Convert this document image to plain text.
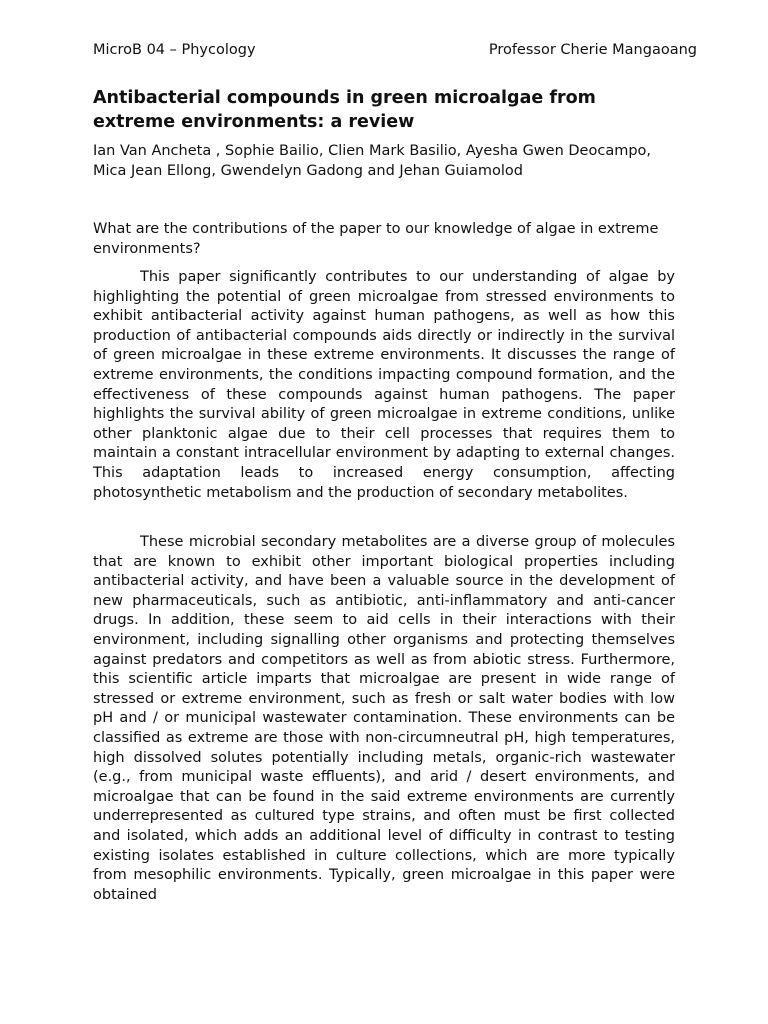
MicroB 04 – Phycology	Professor Cherie Mangaoang
Antibacterial compounds in green microalgae from extreme environments: a review

Ian Van Ancheta , Sophie Bailio, Clien Mark Basilio, Ayesha Gwen Deocampo, Mica Jean Ellong, Gwendelyn Gadong and Jehan Guiamolod

What are the contributions of the paper to our knowledge of algae in extreme environments?

This paper significantly contributes to our understanding of algae by highlighting the potential of green microalgae from stressed environments to exhibit antibacterial activity against human pathogens, as well as how this production of antibacterial compounds aids directly or indirectly in the survival of green microalgae in these extreme environments. It discusses the range of extreme environments, the conditions impacting compound formation, and the effectiveness of these compounds against human pathogens. The paper highlights the survival ability of green microalgae in extreme conditions, unlike other planktonic algae due to their cell processes that requires them to maintain a constant intracellular environment by adapting to external changes. This adaptation leads to increased energy consumption, affecting photosynthetic metabolism and the production of secondary metabolites.

These microbial secondary metabolites are a diverse group of molecules that are known to exhibit other important biological properties including antibacterial activity, and have been a valuable source in the development of new pharmaceuticals, such as antibiotic, anti-inflammatory and anti-cancer drugs. In addition, these seem to aid cells in their interactions with their environment, including signalling other organisms and protecting themselves against predators and competitors as well as from abiotic stress. Furthermore, this scientific article imparts that microalgae are present in wide range of stressed or extreme environment, such as fresh or salt water bodies with low pH and / or municipal wastewater contamination. These environments can be classified as extreme are those with non-circumneutral pH, high temperatures, high dissolved solutes potentially including metals, organic-rich wastewater (e.g., from municipal waste effluents), and arid / desert environments, and microalgae that can be found in the said extreme environments are currently underrepresented as cultured type strains, and often must be first collected and isolated, which adds an additional level of difficulty in contrast to testing existing isolates established in culture collections, which are more typically from mesophilic environments. Typically, green microalgae in this paper were obtained
